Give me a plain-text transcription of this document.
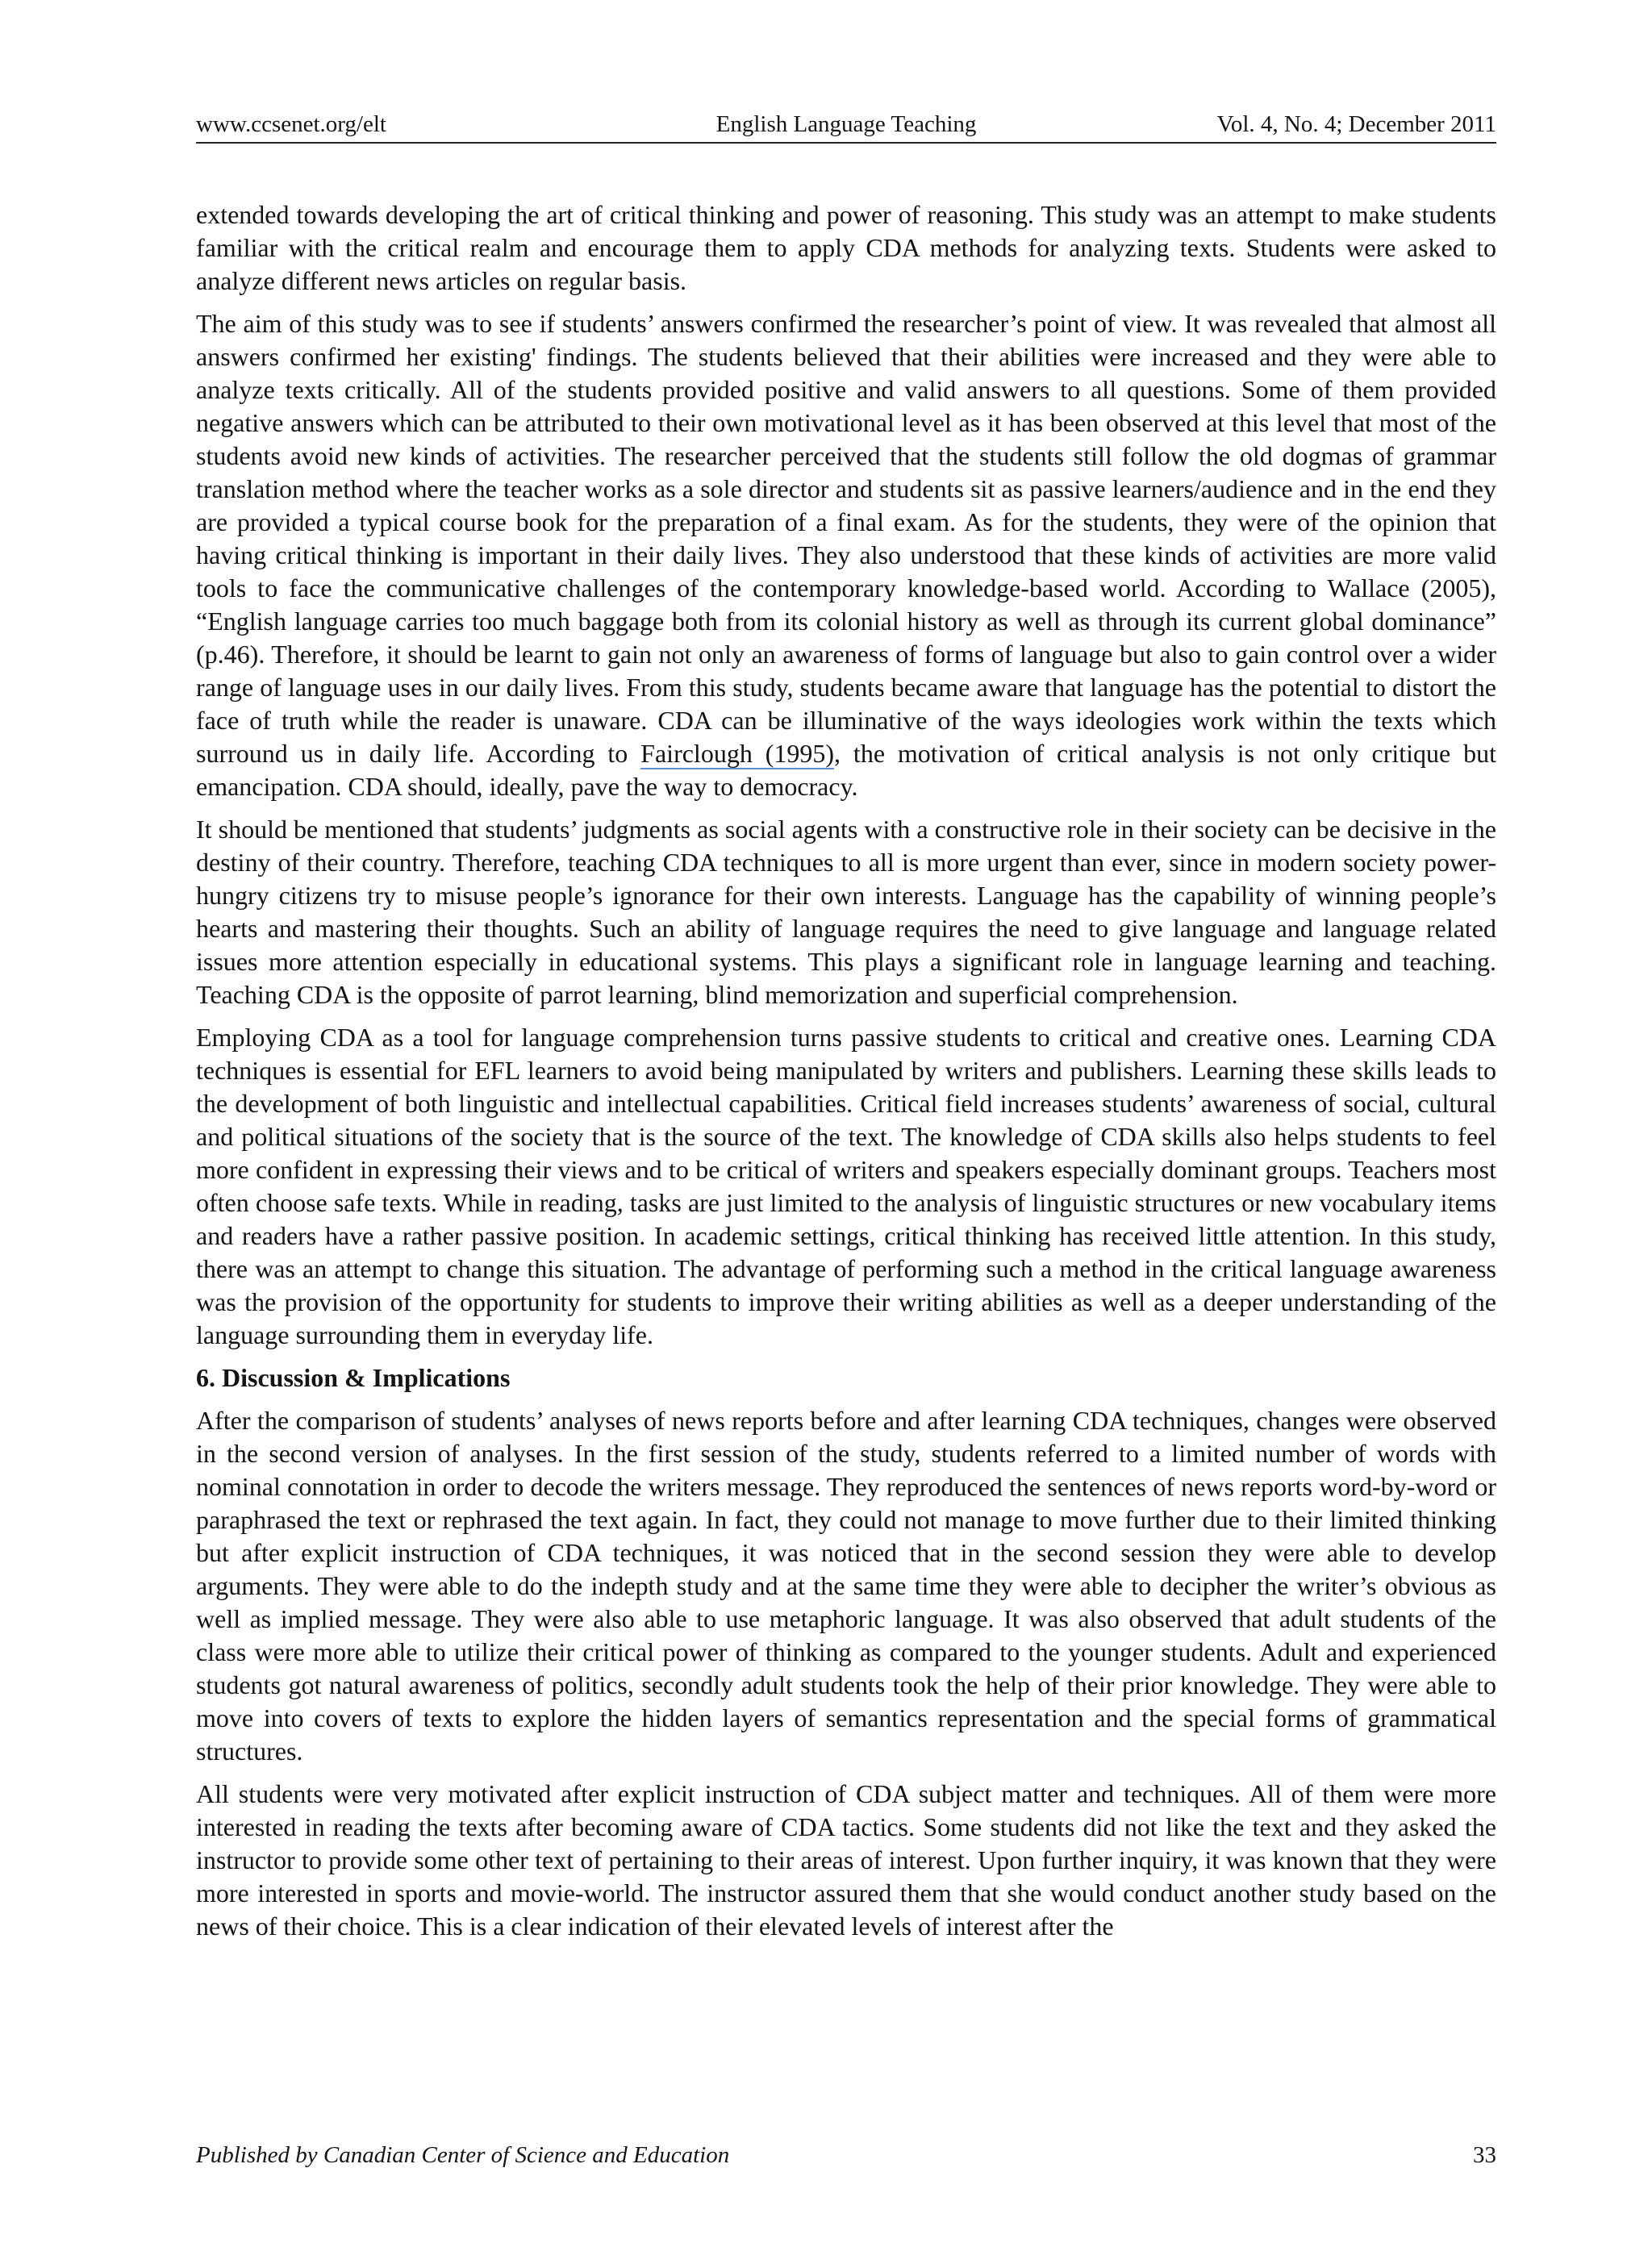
www.ccsenet.org/elt	English Language Teaching	Vol. 4, No. 4; December 2011

extended towards developing the art of critical thinking and power of reasoning. This study was an attempt to make students familiar with the critical realm and encourage them to apply CDA methods for analyzing texts. Students were asked to analyze different news articles on regular basis.

The aim of this study was to see if students’ answers confirmed the researcher’s point of view. It was revealed that almost all answers confirmed her existing' findings. The students believed that their abilities were increased and they were able to analyze texts critically. All of the students provided positive and valid answers to all questions. Some of them provided negative answers which can be attributed to their own motivational level as it has been observed at this level that most of the students avoid new kinds of activities. The researcher perceived that the students still follow the old dogmas of grammar translation method where the teacher works as a sole director and students sit as passive learners/audience and in the end they are provided a typical course book for the preparation of a final exam. As for the students, they were of the opinion that having critical thinking is important in their daily lives. They also understood that these kinds of activities are more valid tools to face the communicative challenges of the contemporary knowledge-based world. According to Wallace (2005), “English language carries too much baggage both from its colonial history as well as through its current global dominance” (p.46). Therefore, it should be learnt to gain not only an awareness of forms of language but also to gain control over a wider range of language uses in our daily lives. From this study, students became aware that language has the potential to distort the face of truth while the reader is unaware. CDA can be illuminative of the ways ideologies work within the texts which surround us in daily life. According to Fairclough (1995), the motivation of critical analysis is not only critique but emancipation. CDA should, ideally, pave the way to democracy.

It should be mentioned that students’ judgments as social agents with a constructive role in their society can be decisive in the destiny of their country. Therefore, teaching CDA techniques to all is more urgent than ever, since in modern society power-hungry citizens try to misuse people’s ignorance for their own interests. Language has the capability of winning people’s hearts and mastering their thoughts. Such an ability of language requires the need to give language and language related issues more attention especially in educational systems. This plays a significant role in language learning and teaching. Teaching CDA is the opposite of parrot learning, blind memorization and superficial comprehension.

Employing CDA as a tool for language comprehension turns passive students to critical and creative ones. Learning CDA techniques is essential for EFL learners to avoid being manipulated by writers and publishers. Learning these skills leads to the development of both linguistic and intellectual capabilities. Critical field increases students’ awareness of social, cultural and political situations of the society that is the source of the text. The knowledge of CDA skills also helps students to feel more confident in expressing their views and to be critical of writers and speakers especially dominant groups. Teachers most often choose safe texts. While in reading, tasks are just limited to the analysis of linguistic structures or new vocabulary items and readers have a rather passive position. In academic settings, critical thinking has received little attention. In this study, there was an attempt to change this situation. The advantage of performing such a method in the critical language awareness was the provision of the opportunity for students to improve their writing abilities as well as a deeper understanding of the language surrounding them in everyday life.

6. Discussion & Implications

After the comparison of students’ analyses of news reports before and after learning CDA techniques, changes were observed in the second version of analyses. In the first session of the study, students referred to a limited number of words with nominal connotation in order to decode the writers message. They reproduced the sentences of news reports word-by-word or paraphrased the text or rephrased the text again. In fact, they could not manage to move further due to their limited thinking but after explicit instruction of CDA techniques, it was noticed that in the second session they were able to develop arguments. They were able to do the indepth study and at the same time they were able to decipher the writer’s obvious as well as implied message. They were also able to use metaphoric language. It was also observed that adult students of the class were more able to utilize their critical power of thinking as compared to the younger students. Adult and experienced students got natural awareness of politics, secondly adult students took the help of their prior knowledge. They were able to move into covers of texts to explore the hidden layers of semantics representation and the special forms of grammatical structures.

All students were very motivated after explicit instruction of CDA subject matter and techniques. All of them were more interested in reading the texts after becoming aware of CDA tactics. Some students did not like the text and they asked the instructor to provide some other text of pertaining to their areas of interest. Upon further inquiry, it was known that they were more interested in sports and movie-world. The instructor assured them that she would conduct another study based on the news of their choice. This is a clear indication of their elevated levels of interest after the

Published by Canadian Center of Science and Education	33
